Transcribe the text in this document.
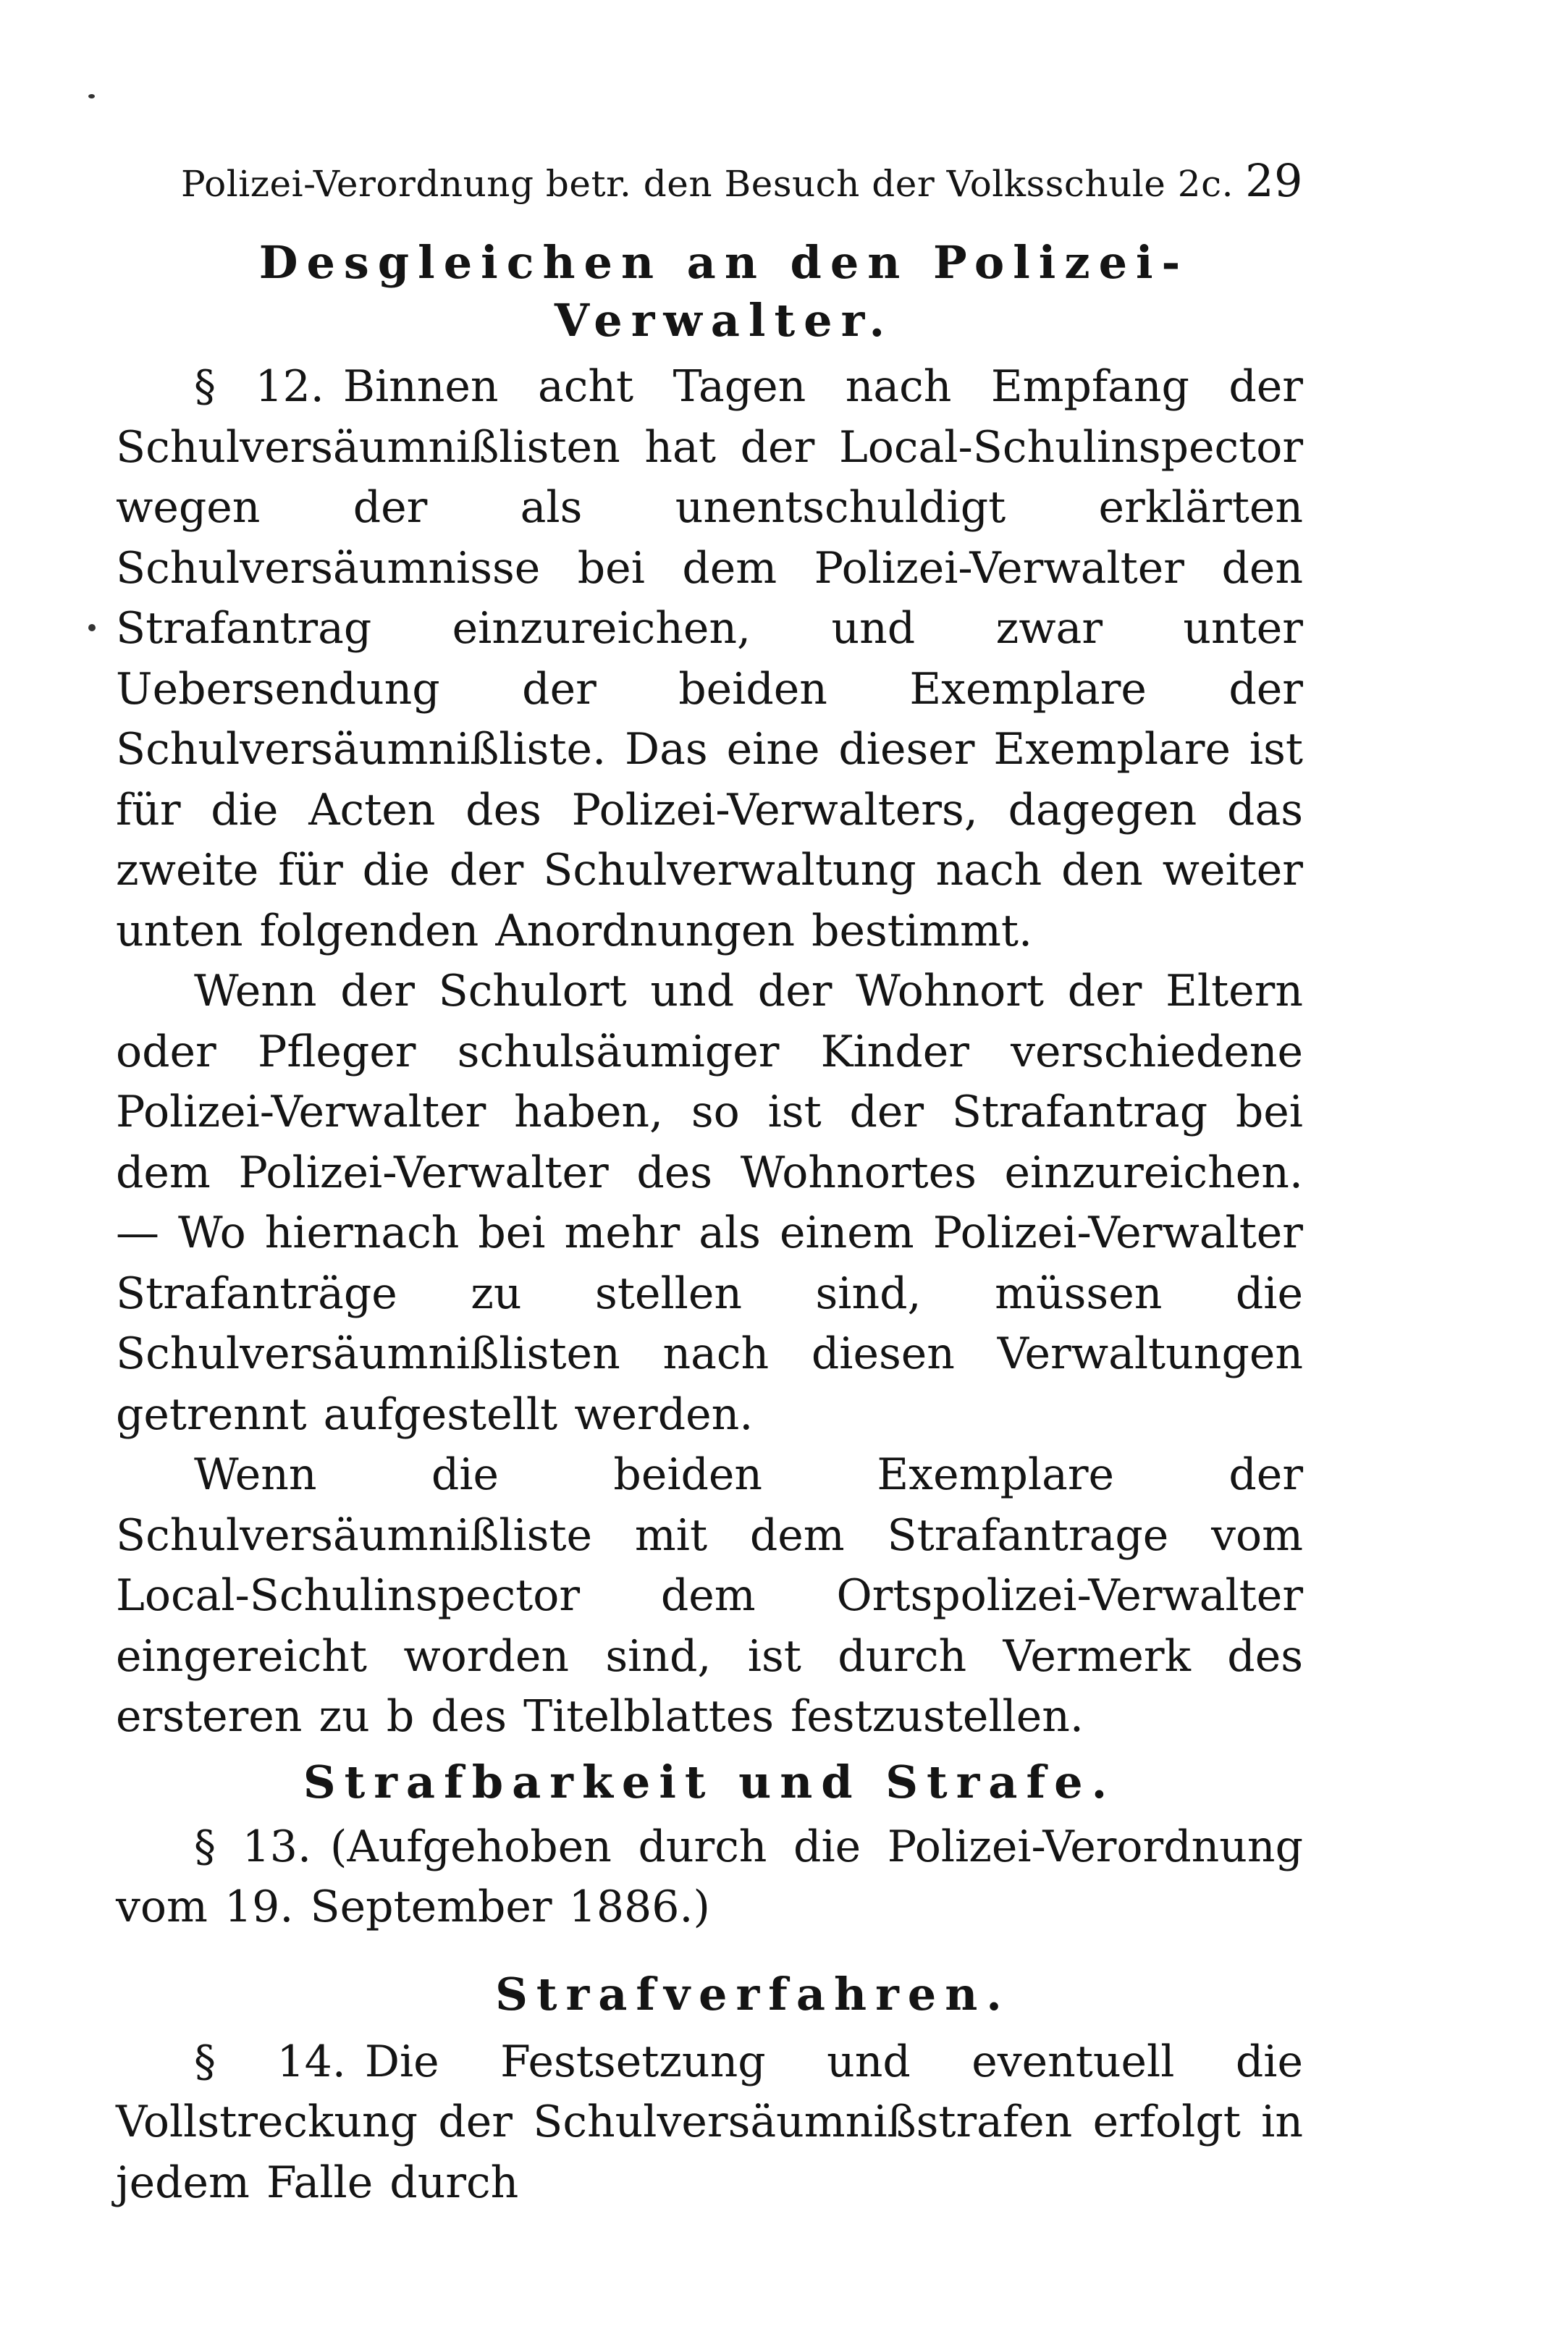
Polizei-Verordnung betr. den Besuch der Volksschule 2c. 29
Desgleichen an den Polizei-Verwalter.

§ 12. Binnen acht Tagen nach Empfang der Schulversäumnißlisten hat der Local-Schulinspector wegen der als unentschuldigt erklärten Schulversäumnisse bei dem Polizei-Verwalter den Strafantrag einzureichen, und zwar unter Uebersendung der beiden Exemplare der Schulversäumnißliste. Das eine dieser Exemplare ist für die Acten des Polizei-Verwalters, dagegen das zweite für die der Schulverwaltung nach den weiter unten folgenden Anordnungen bestimmt.

Wenn der Schulort und der Wohnort der Eltern oder Pfleger schulsäumiger Kinder verschiedene Polizei-Verwalter haben, so ist der Strafantrag bei dem Polizei-Verwalter des Wohnortes einzureichen. — Wo hiernach bei mehr als einem Polizei-Verwalter Strafanträge zu stellen sind, müssen die Schulversäumnißlisten nach diesen Verwaltungen getrennt aufgestellt werden.

Wenn die beiden Exemplare der Schulversäumnißliste mit dem Strafantrage vom Local-Schulinspector dem Ortspolizei-Verwalter eingereicht worden sind, ist durch Vermerk des ersteren zu b des Titelblattes festzustellen.

Strafbarkeit und Strafe.

§ 13. (Aufgehoben durch die Polizei-Verordnung vom 19. September 1886.)

Strafverfahren.

§ 14. Die Festsetzung und eventuell die Vollstreckung der Schulversäumnißstrafen erfolgt in jedem Falle durch
